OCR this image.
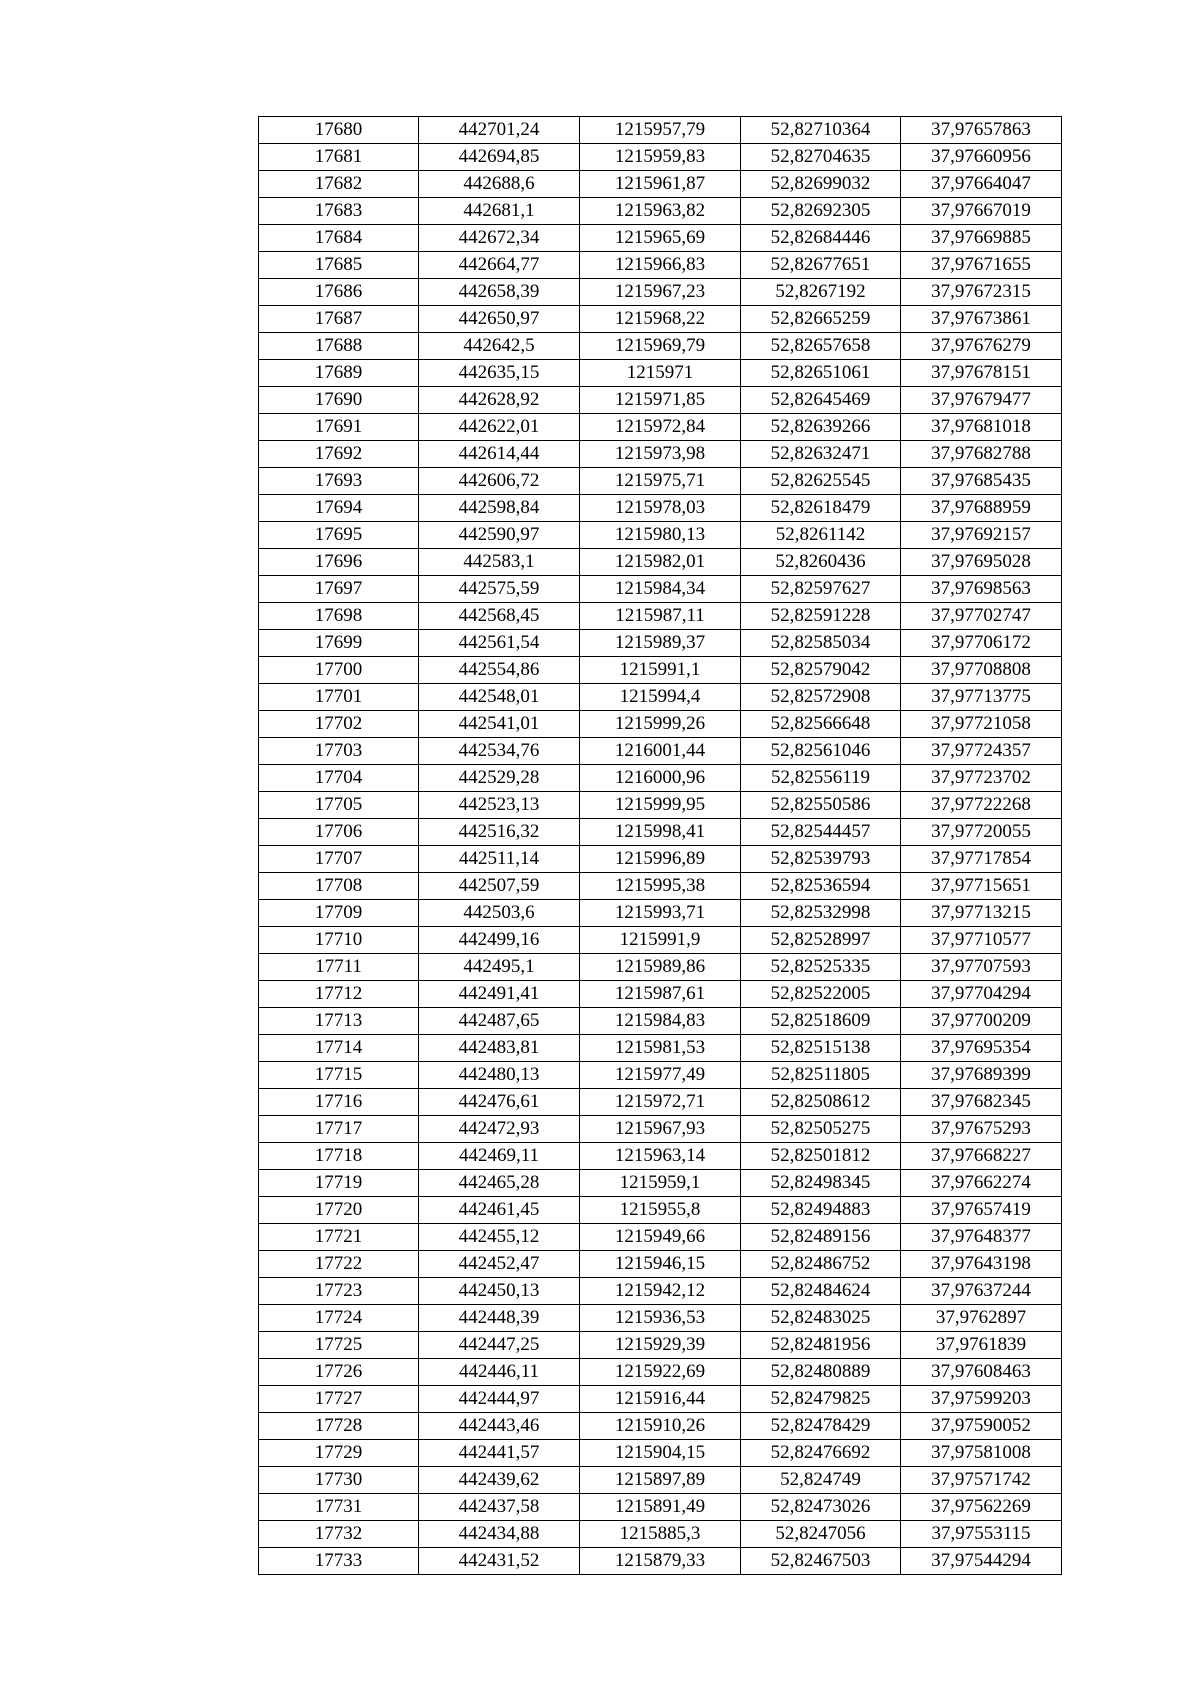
17680	442701,24	1215957,79	52,82710364	37,97657863
17681	442694,85	1215959,83	52,82704635	37,97660956
17682	442688,6	1215961,87	52,82699032	37,97664047
17683	442681,1	1215963,82	52,82692305	37,97667019
17684	442672,34	1215965,69	52,82684446	37,97669885
17685	442664,77	1215966,83	52,82677651	37,97671655
17686	442658,39	1215967,23	52,8267192	37,97672315
17687	442650,97	1215968,22	52,82665259	37,97673861
17688	442642,5	1215969,79	52,82657658	37,97676279
17689	442635,15	1215971	52,82651061	37,97678151
17690	442628,92	1215971,85	52,82645469	37,97679477
17691	442622,01	1215972,84	52,82639266	37,97681018
17692	442614,44	1215973,98	52,82632471	37,97682788
17693	442606,72	1215975,71	52,82625545	37,97685435
17694	442598,84	1215978,03	52,82618479	37,97688959
17695	442590,97	1215980,13	52,8261142	37,97692157
17696	442583,1	1215982,01	52,8260436	37,97695028
17697	442575,59	1215984,34	52,82597627	37,97698563
17698	442568,45	1215987,11	52,82591228	37,97702747
17699	442561,54	1215989,37	52,82585034	37,97706172
17700	442554,86	1215991,1	52,82579042	37,97708808
17701	442548,01	1215994,4	52,82572908	37,97713775
17702	442541,01	1215999,26	52,82566648	37,97721058
17703	442534,76	1216001,44	52,82561046	37,97724357
17704	442529,28	1216000,96	52,82556119	37,97723702
17705	442523,13	1215999,95	52,82550586	37,97722268
17706	442516,32	1215998,41	52,82544457	37,97720055
17707	442511,14	1215996,89	52,82539793	37,97717854
17708	442507,59	1215995,38	52,82536594	37,97715651
17709	442503,6	1215993,71	52,82532998	37,97713215
17710	442499,16	1215991,9	52,82528997	37,97710577
17711	442495,1	1215989,86	52,82525335	37,97707593
17712	442491,41	1215987,61	52,82522005	37,97704294
17713	442487,65	1215984,83	52,82518609	37,97700209
17714	442483,81	1215981,53	52,82515138	37,97695354
17715	442480,13	1215977,49	52,82511805	37,97689399
17716	442476,61	1215972,71	52,82508612	37,97682345
17717	442472,93	1215967,93	52,82505275	37,97675293
17718	442469,11	1215963,14	52,82501812	37,97668227
17719	442465,28	1215959,1	52,82498345	37,97662274
17720	442461,45	1215955,8	52,82494883	37,97657419
17721	442455,12	1215949,66	52,82489156	37,97648377
17722	442452,47	1215946,15	52,82486752	37,97643198
17723	442450,13	1215942,12	52,82484624	37,97637244
17724	442448,39	1215936,53	52,82483025	37,9762897
17725	442447,25	1215929,39	52,82481956	37,9761839
17726	442446,11	1215922,69	52,82480889	37,97608463
17727	442444,97	1215916,44	52,82479825	37,97599203
17728	442443,46	1215910,26	52,82478429	37,97590052
17729	442441,57	1215904,15	52,82476692	37,97581008
17730	442439,62	1215897,89	52,824749	37,97571742
17731	442437,58	1215891,49	52,82473026	37,97562269
17732	442434,88	1215885,3	52,8247056	37,97553115
17733	442431,52	1215879,33	52,82467503	37,97544294
